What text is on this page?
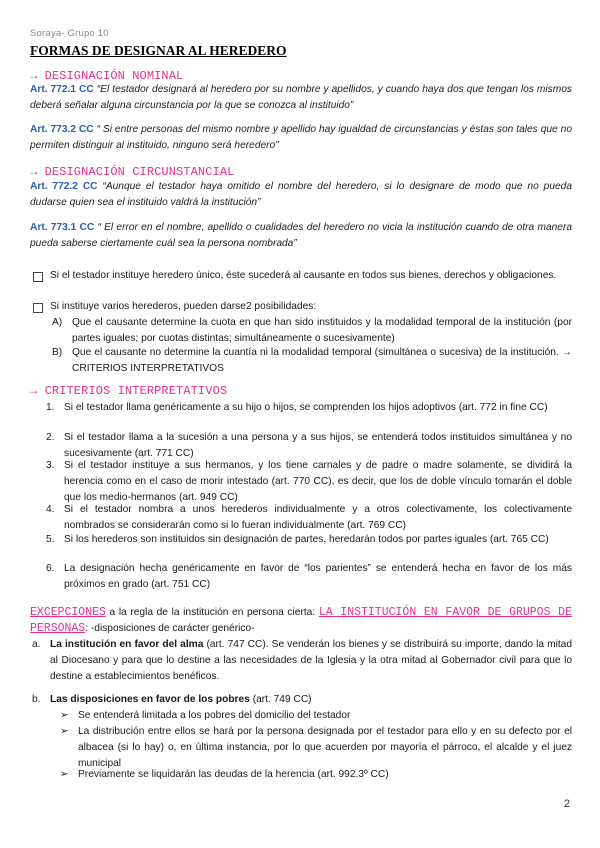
Soraya- Grupo 10
FORMAS DE DESIGNAR AL HEREDERO
→ DESIGNACIÓN NOMINAL
Art. 772.1 CC “El testador designará al heredero por su nombre y apellidos, y cuando haya dos que tengan los mismos deberá señalar alguna circunstancia por la que se conozca al instituido”
Art. 773.2 CC “ Si entre personas del mismo nombre y apellido hay igualdad de circunstancias y éstas son tales que no permiten distinguir al instituido, ninguno será heredero”
→ DESIGNACIÓN CIRCUNSTANCIAL
Art. 772.2 CC “Aunque el testador haya omitido el nombre del heredero, si lo designare de modo que no pueda dudarse quien sea el instituido valdrá la institución”
Art. 773.1 CC “ El error en el nombre, apellido o cualidades del heredero no vicia la institución cuando de otra manera pueda saberse ciertamente cuál sea la persona nombrada”
Si el testador instituye heredero único, éste sucederá al causante en todos sus bienes, derechos y obligaciones.
Si instituye varios herederos, pueden darse2 posibilidades:
A) Que el causante determine la cuota en que han sido instituidos y la modalidad temporal de la institución (por partes iguales; por cuotas distintas; simultáneamente o sucesivamente)
B) Que el causante no determine la cuantía ni la modalidad temporal (simultánea o sucesiva) de la institución. → CRITERIOS INTERPRETATIVOS
→ CRITERIOS INTERPRETATIVOS
1. Si el testador llama genéricamente a su hijo o hijos, se comprenden los hijos adoptivos (art. 772 in fine CC)
2. Si el testador llama a la sucesión a una persona y a sus hijos, se entenderá todos instituidos simultánea y no sucesivamente (art. 771 CC)
3. Si el testador instituye a sus hermanos, y los tiene carnales y de padre o madre solamente, se dividirá la herencia como en el caso de morir intestado (art. 770 CC), es decir, que los de doble vínculo tomarán el doble que los medio-hermanos (art. 949 CC)
4. Si el testador nombra a unos herederos individualmente y a otros colectivamente, los colectivamente nombrados se considerarán como si lo fueran individualmente (art. 769 CC)
5. Si los herederos son instituidos sin designación de partes, heredarán todos por partes iguales (art. 765 CC)
6. La designación hecha genéricamente en favor de “los parientes” se entenderá hecha en favor de los más próximos en grado (art. 751 CC)
EXCEPCIONES a la regla de la institución en persona cierta: LA INSTITUCIÓN EN FAVOR DE GRUPOS DE PERSONAS: -disposiciones de carácter genérico-
a. La institución en favor del alma (art. 747 CC). Se venderán los bienes y se distribuirá su importe, dando la mitad al Diocesano y para que lo destine a las necesidades de la Iglesia y la otra mitad al Gobernador civil para que lo destine a establecimientos benéficos.
b. Las disposiciones en favor de los pobres (art. 749 CC)
➢ Se entenderá limitada a los pobres del domicilio del testador
➢ La distribución entre ellos se hará por la persona designada por el testador para ello y en su defecto por el albacea (si lo hay) o, en última instancia, por lo que acuerden por mayoría el párroco, el alcalde y el juez municipal
➢ Previamente se liquidarán las deudas de la herencia (art. 992.3º CC)
2
